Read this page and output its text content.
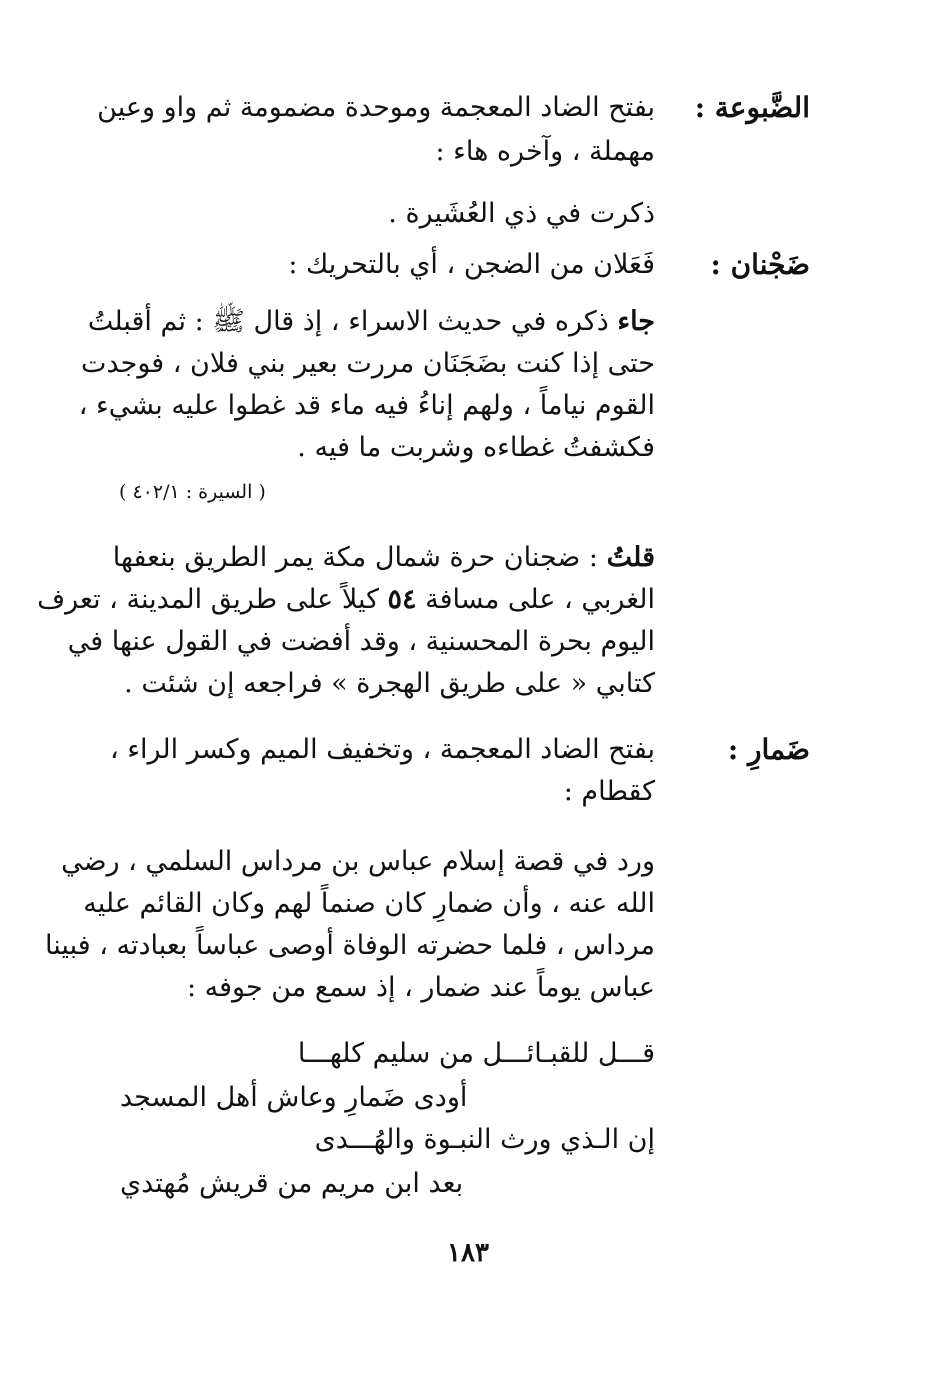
الضَّبوعة :
بفتح الضاد المعجمة وموحدة مضمومة ثم واو وعين
مهملة ، وآخره هاء :
ذكرت في ذي العُشَيرة .
ضَجْنان :
فَعَلان من الضجن ، أي بالتحريك :
جاء ذكره في حديث الاسراء ، إذ قال ﷺ : ثم أقبلتُ
حتى إذا كنت بضَجَنَان مررت بعير بني فلان ، فوجدت
القوم نياماً ، ولهم إناءُ فيه ماء قد غطوا عليه بشيء ،
فكشفتُ غطاءه وشربت ما فيه .
( السيرة : ٤٠٢/١ )
قلتُ : ضجنان حرة شمال مكة يمر الطريق بنعفها
الغربي ، على مسافة ٥٤ كيلاً على طريق المدينة ، تعرف
اليوم بحرة المحسنية ، وقد أفضت في القول عنها في
كتابي « على طريق الهجرة » فراجعه إن شئت .
ضَمارِ :
بفتح الضاد المعجمة ، وتخفيف الميم وكسر الراء ،
كقطام :
ورد في قصة إسلام عباس بن مرداس السلمي ، رضي
الله عنه ، وأن ضمارِ كان صنماً لهم وكان القائم عليه
مرداس ، فلما حضرته الوفاة أوصى عباساً بعبادته ، فبينا
عباس يوماً عند ضمار ، إذ سمع من جوفه :
قـــل للقبـائـــل من سليم كلهـــا
أودى ضَمارِ وعاش أهل المسجد
إن الـذي ورث النبـوة والهُـــدى
بعد ابن مريم من قريش مُهتدي
١٨٣
